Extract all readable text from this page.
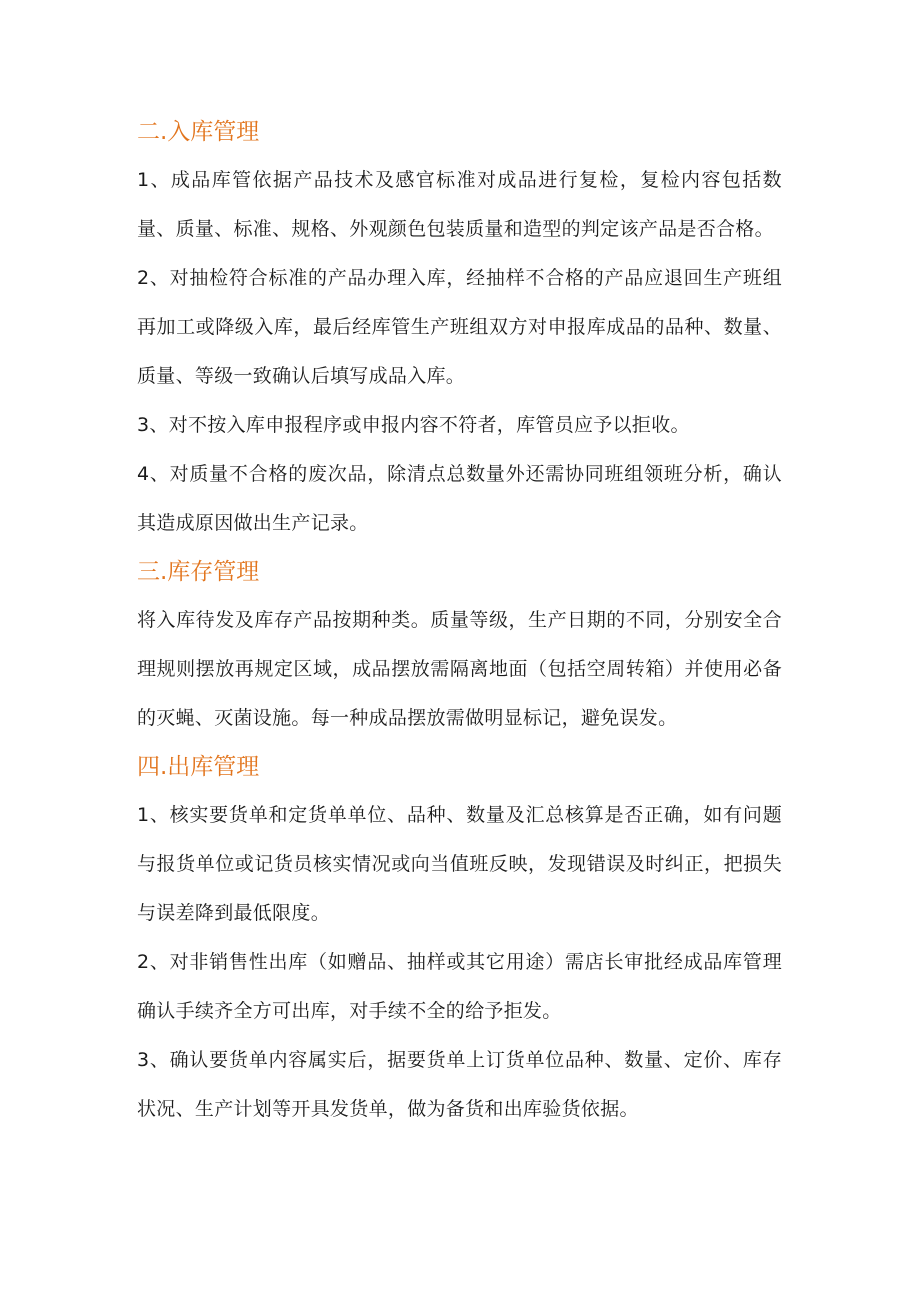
二.入库管理

1、成品库管依据产品技术及感官标准对成品进行复检，复检内容包括数量、质量、标准、规格、外观颜色包装质量和造型的判定该产品是否合格。

2、对抽检符合标准的产品办理入库，经抽样不合格的产品应退回生产班组再加工或降级入库，最后经库管生产班组双方对申报库成品的品种、数量、质量、等级一致确认后填写成品入库。

3、对不按入库申报程序或申报内容不符者，库管员应予以拒收。

4、对质量不合格的废次品，除清点总数量外还需协同班组领班分析，确认其造成原因做出生产记录。

三.库存管理

将入库待发及库存产品按期种类。质量等级，生产日期的不同，分别安全合理规则摆放再规定区域，成品摆放需隔离地面（包括空周转箱）并使用必备的灭蝇、灭菌设施。每一种成品摆放需做明显标记，避免误发。

四.出库管理

1、核实要货单和定货单单位、品种、数量及汇总核算是否正确，如有问题与报货单位或记货员核实情况或向当值班反映，发现错误及时纠正，把损失与误差降到最低限度。

2、对非销售性出库（如赠品、抽样或其它用途）需店长审批经成品库管理确认手续齐全方可出库，对手续不全的给予拒发。

3、确认要货单内容属实后，据要货单上订货单位品种、数量、定价、库存状况、生产计划等开具发货单，做为备货和出库验货依据。
